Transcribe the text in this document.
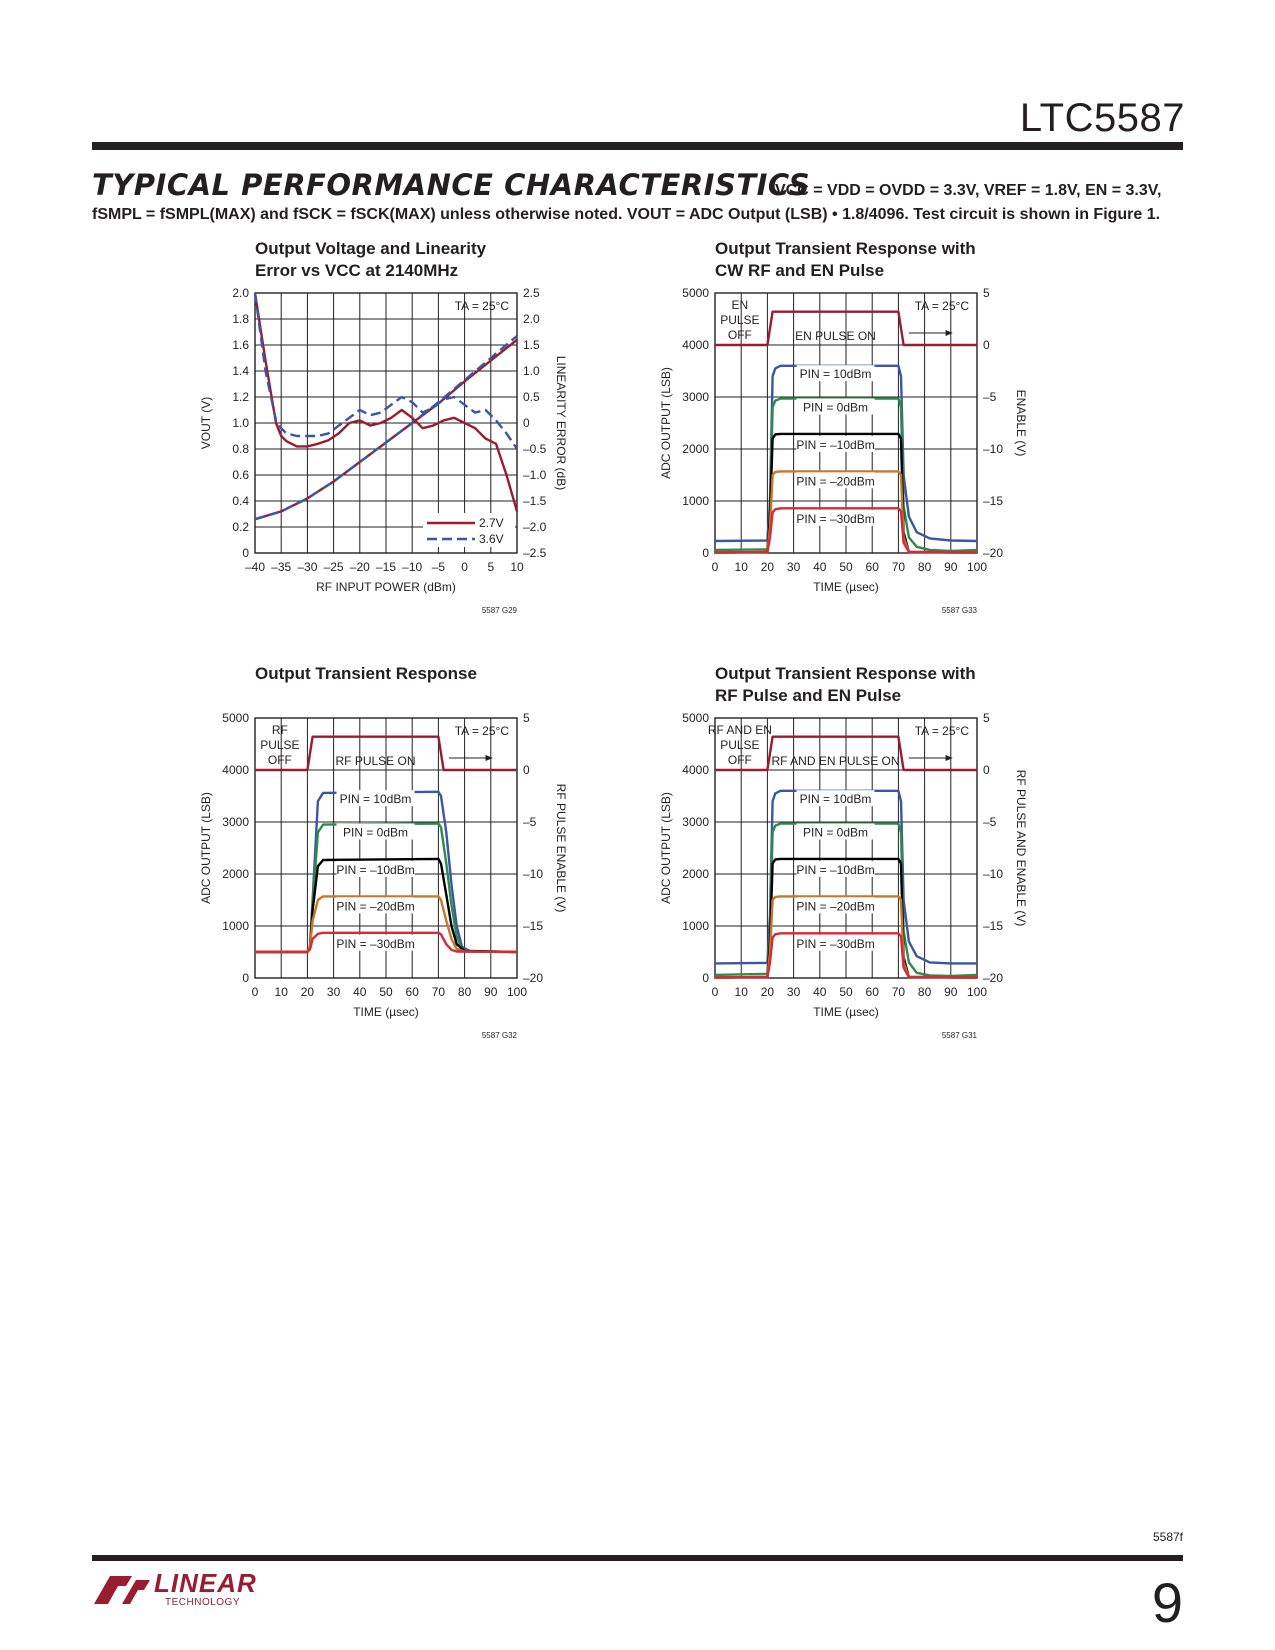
LTC5587
TYPICAL PERFORMANCE CHARACTERISTICS
VCC = VDD = OVDD = 3.3V, VREF = 1.8V, EN = 3.3V,
fSMPL = fSMPL(MAX) and fSCK = fSCK(MAX) unless otherwise noted. VOUT = ADC Output (LSB) • 1.8/4096. Test circuit is shown in Figure 1.
Output Voltage and Linearity
Error vs VCC at 2140MHz
–40 –35 –30 –25 –20 –15 –10 –5 0 5 10
0
0.2
0.4
0.6
0.8
1.0
1.2
1.4
1.6
1.8
2.0
–2.5
–2.0
–1.5
–1.0
–0.5
0
0.5
1.0
1.5
2.0
2.5
RF INPUT POWER (dBm)
VOUT (V)	LINEARITY ERROR (dB)
TA = 25°C
2.7V
3.6V
5587 G29
Output Transient Response with
CW RF and EN Pulse
0 10 20 30 40 50 60 70 80 90 100
0
1000
2000
3000
4000
5000
–20
–15
–10
–5
0
5
TIME (µsec)
ADC OUTPUT (LSB)	ENABLE (V)
TA = 25°C
EN
PULSE
OFF	EN PULSE ON
PIN = 10dBm
PIN = 0dBm
PIN = –10dBm
PIN = –20dBm
PIN = –30dBm
5587 G33
Output Transient Response
0 10 20 30 40 50 60 70 80 90 100
0
1000
2000
3000
4000
5000
–20
–15
–10
–5
0
5
TIME (µsec)
ADC OUTPUT (LSB)	RF PULSE ENABLE (V)
TA = 25°C
RF
PULSE
OFF	RF PULSE ON
PIN = 10dBm
PIN = 0dBm
PIN = –10dBm
PIN = –20dBm
PIN = –30dBm
5587 G32
Output Transient Response with
RF Pulse and EN Pulse
0 10 20 30 40 50 60 70 80 90 100
0
1000
2000
3000
4000
5000
–20
–15
–10
–5
0
5
TIME (µsec)
ADC OUTPUT (LSB)	RF PULSE AND ENABLE (V)
TA = 25°C
RF AND EN
PULSE
OFF RF AND EN PULSE ON
PIN = 10dBm
PIN = 0dBm
PIN = –10dBm
PIN = –20dBm
PIN = –30dBm
5587 G31
5587f
LINEAR
TECHNOLOGY	9
